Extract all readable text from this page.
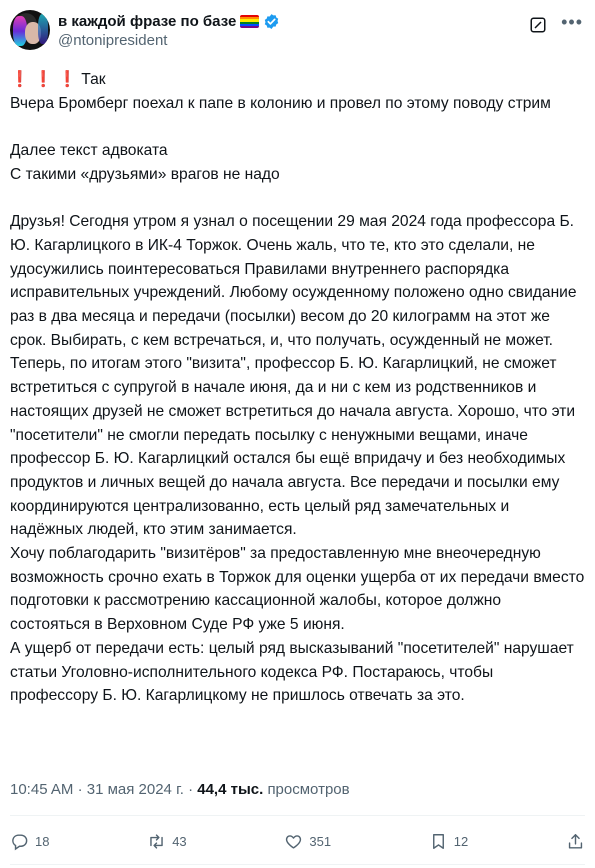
в каждой фразе по базе
@ntonipresident
•••
❗ ❗ ❗ Так
Вчера Бромберг поехал к папе в колонию и провел по этому поводу стрим

Далее текст адвоката
С такими «друзьями» врагов не надо

Друзья! Сегодня утром я узнал о посещении 29 мая 2024 года профессора Б. Ю. Кагарлицкого в ИК-4 Торжок. Очень жаль, что те, кто это сделали, не удосужились поинтересоваться Правилами внутреннего распорядка исправительных учреждений. Любому осужденному положено одно свидание раз в два месяца и передачи (посылки) весом до 20 килограмм на этот же срок. Выбирать, с кем встречаться, и, что получать, осужденный не может. Теперь, по итогам этого "визита", профессор Б. Ю. Кагарлицкий, не сможет встретиться с супругой в начале июня, да и ни с кем из родственников и настоящих друзей не сможет встретиться до начала августа. Хорошо, что эти "посетители" не смогли передать посылку с ненужными вещами, иначе профессор Б. Ю. Кагарлицкий остался бы ещё впридачу и без необходимых продуктов и личных вещей до начала августа. Все передачи и посылки ему координируются централизованно, есть целый ряд замечательных и надёжных людей, кто этим занимается.
Хочу поблагодарить "визитёров" за предоставленную мне внеочередную возможность срочно ехать в Торжок для оценки ущерба от их передачи вместо подготовки к рассмотрению кассационной жалобы, которое должно состояться в Верховном Суде РФ уже 5 июня.
А ущерб от передачи есть: целый ряд высказываний "посетителей" нарушает статьи Уголовно-исполнительного кодекса РФ. Постараюсь, чтобы профессору Б. Ю. Кагарлицкому не пришлось отвечать за это.
10:45 AM · 31 мая 2024 г. · 44,4 тыс. просмотров
18	43	351	12
